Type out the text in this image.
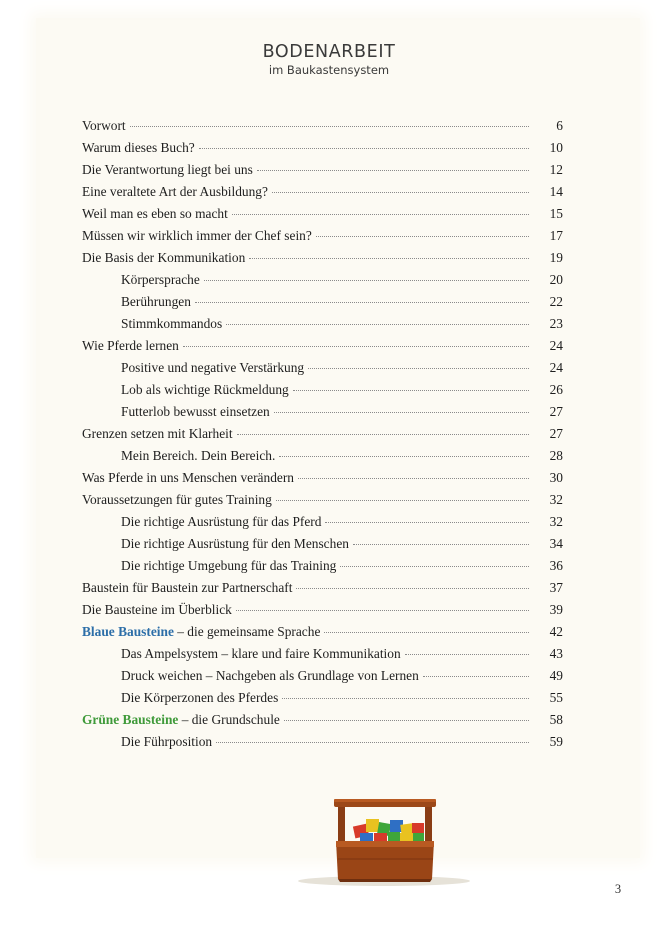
BODENARBEIT
im Baukastensystem
Vorwort	6
Warum dieses Buch?	10
Die Verantwortung liegt bei uns	12
Eine veraltete Art der Ausbildung?	14
Weil man es eben so macht	15
Müssen wir wirklich immer der Chef sein?	17
Die Basis der Kommunikation	19
Körpersprache	20
Berührungen	22
Stimmkommandos	23
Wie Pferde lernen	24
Positive und negative Verstärkung	24
Lob als wichtige Rückmeldung	26
Futterlob bewusst einsetzen	27
Grenzen setzen mit Klarheit	27
Mein Bereich. Dein Bereich.	28
Was Pferde in uns Menschen verändern	30
Voraussetzungen für gutes Training	32
Die richtige Ausrüstung für das Pferd	32
Die richtige Ausrüstung für den Menschen	34
Die richtige Umgebung für das Training	36
Baustein für Baustein zur Partnerschaft	37
Die Bausteine im Überblick	39
Blaue Bausteine – die gemeinsame Sprache	42
Das Ampelsystem – klare und faire Kommunikation	43
Druck weichen – Nachgeben als Grundlage von Lernen	49
Die Körperzonen des Pferdes	55
Grüne Bausteine – die Grundschule	58
Die Führposition	59
3
